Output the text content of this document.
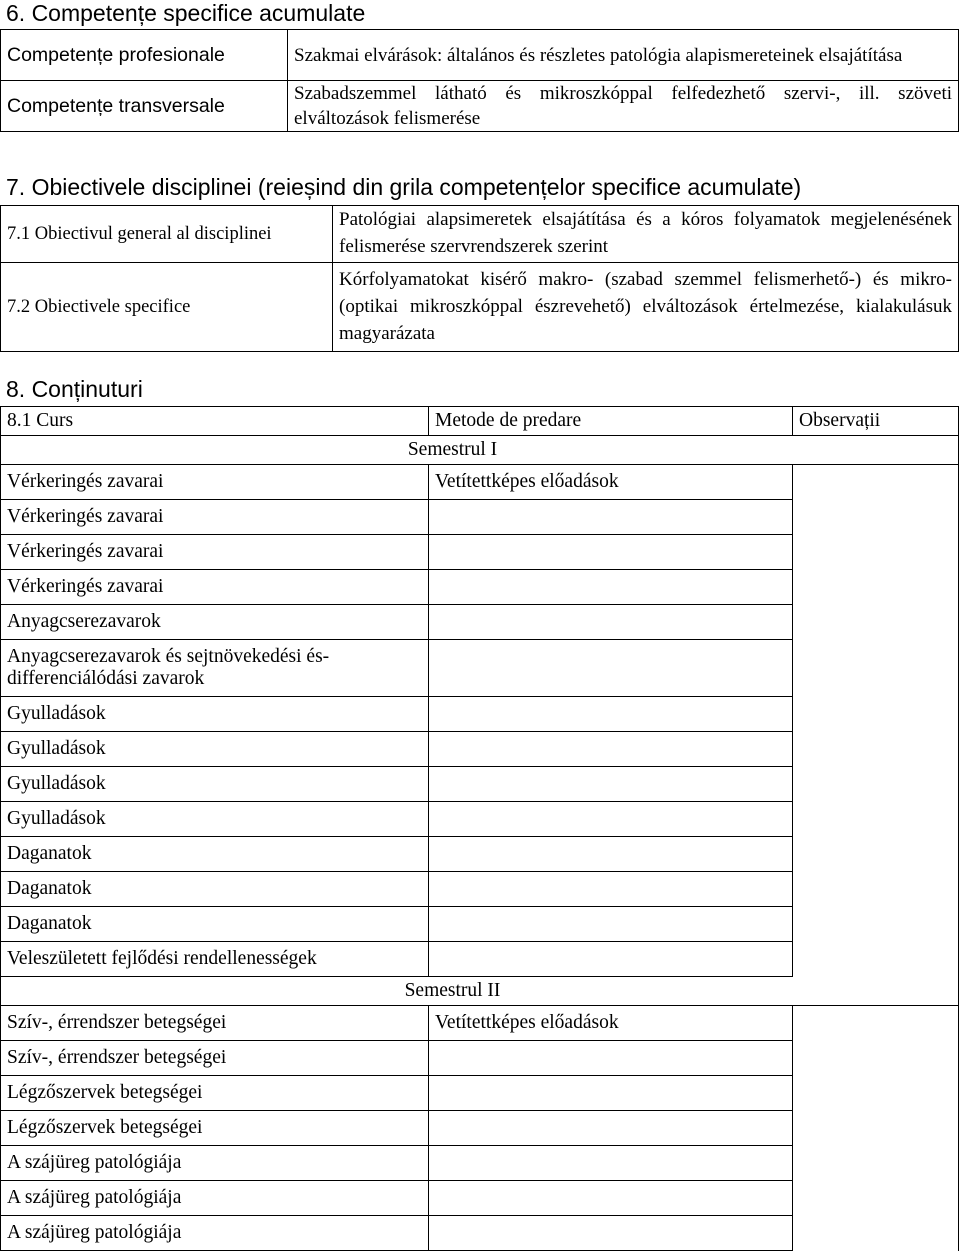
6. Competențe specifice acumulate
Competențe profesionale	Szakmai elvárások: általános és részletes patológia alapismereteinek elsajátítása
Competențe transversale	Szabadszemmel látható és mikroszkóppal felfedezhető szervi-, ill. szöveti elváltozások felismerése
7. Obiectivele disciplinei (reieșind din grila competențelor specifice acumulate)
7.1 Obiectivul general al disciplinei	Patológiai alapsimeretek elsajátítása és a kóros folyamatok megjelenésének felismerése szervrendszerek szerint
7.2 Obiectivele specifice	Kórfolyamatokat kisérő makro- (szabad szemmel felismerhető-) és mikro- (optikai mikroszkóppal észrevehető) elváltozások értelmezése, kialakulásuk magyarázata
8. Conținuturi
8.1 Curs	Metode de predare	Observații
Semestrul I		
Vérkeringés zavarai	Vetítettképes előadások	
Vérkeringés zavarai		
Vérkeringés zavarai		
Vérkeringés zavarai		
Anyagcserezavarok		
Anyagcserezavarok és sejtnövekedési és-differenciálódási zavarok		
Gyulladások		
Gyulladások		
Gyulladások		
Gyulladások		
Daganatok		
Daganatok		
Daganatok		
Veleszületett fejlődési rendellenességek		
Semestrul II		
Szív-, érrendszer betegségei	Vetítettképes előadások	
Szív-, érrendszer betegségei		
Légzőszervek betegségei		
Légzőszervek betegségei		
A szájüreg patológiája		
A szájüreg patológiája		
A szájüreg patológiája		
